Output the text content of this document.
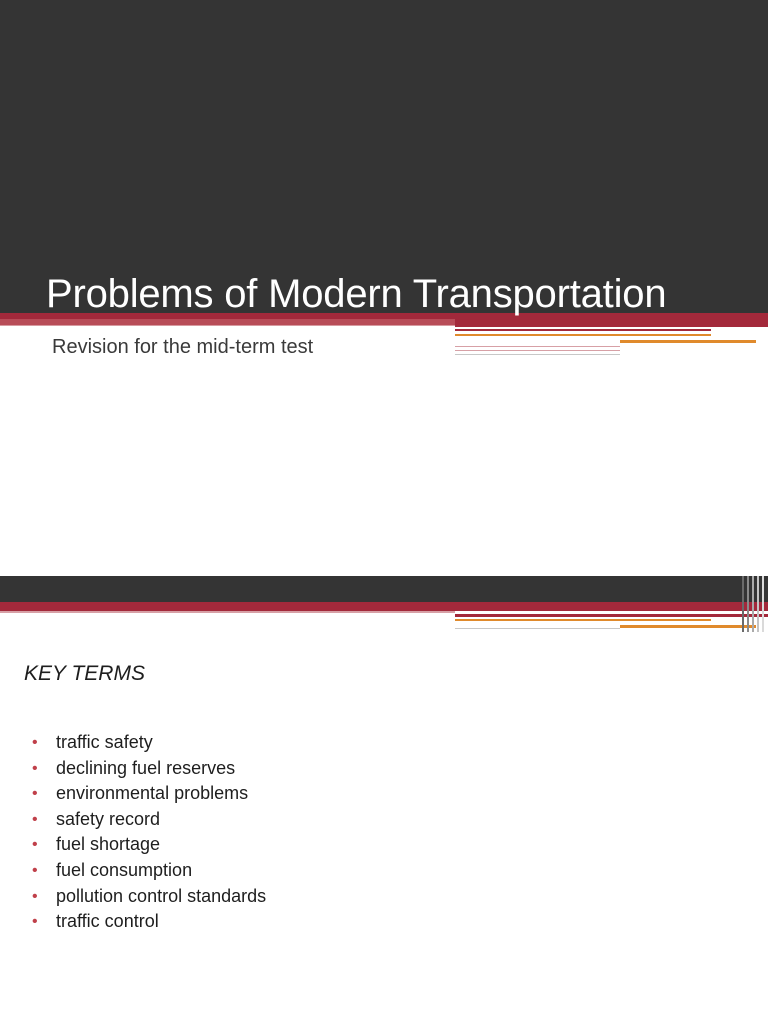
Problems of Modern Transportation
Revision for the mid-term test
KEY TERMS
•	traffic safety
•	declining fuel reserves
•	environmental problems
•	safety record
•	fuel shortage
•	fuel consumption
•	pollution control standards
•	traffic control
